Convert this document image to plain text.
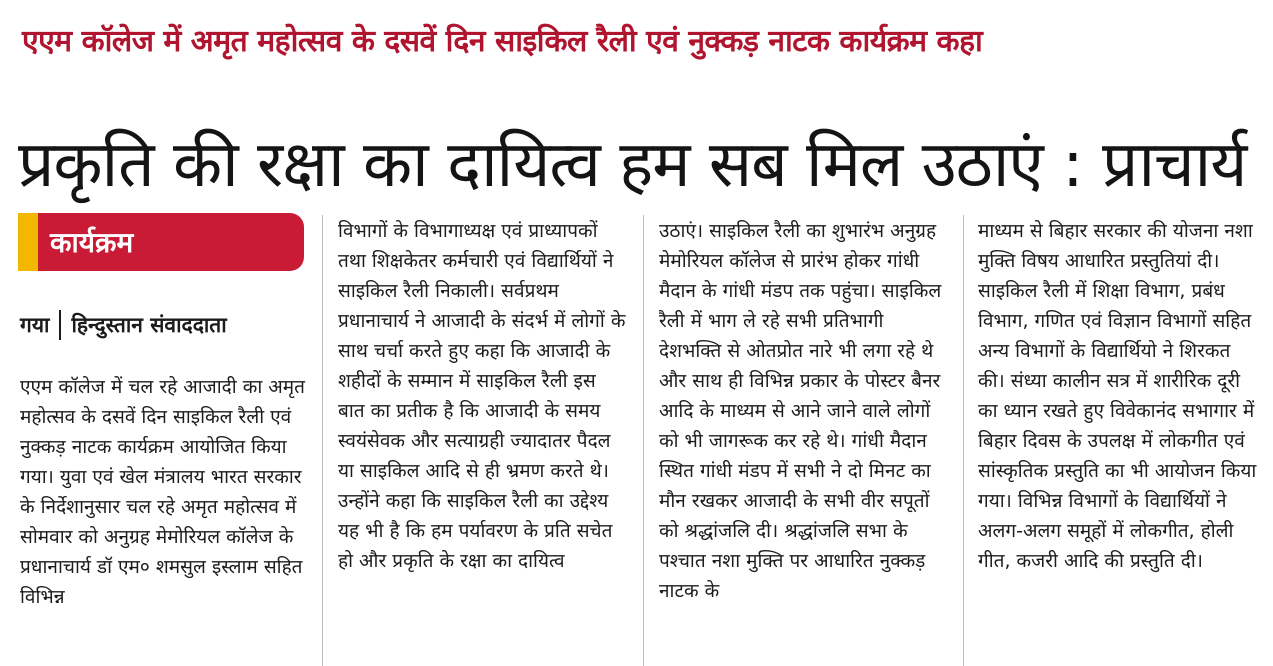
एएम कॉलेज में अमृत महोत्सव के दसवें दिन साइकिल रैली एवं नुक्कड़ नाटक कार्यक्रम कहा
प्रकृति की रक्षा का दायित्व हम सब मिल उठाएं : प्राचार्य
कार्यक्रम
गया हिन्दुस्तान संवाददाता
एएम कॉलेज में चल रहे आजादी का अमृत महोत्सव के दसवें दिन साइकिल रैली एवं नुक्कड़ नाटक कार्यक्रम आयोजित किया गया। युवा एवं खेल मंत्रालय भारत सरकार के निर्देशानुसार चल रहे अमृत महोत्सव में सोमवार को अनुग्रह मेमोरियल कॉलेज के प्रधानाचार्य डॉ एम० शमसुल इस्लाम सहित विभिन्न
विभागों के विभागाध्यक्ष एवं प्राध्यापकों तथा शिक्षकेतर कर्मचारी एवं विद्यार्थियों ने साइकिल रैली निकाली। सर्वप्रथम प्रधानाचार्य ने आजादी के संदर्भ में लोगों के साथ चर्चा करते हुए कहा कि आजादी के शहीदों के सम्मान में साइकिल रैली इस बात का प्रतीक है कि आजादी के समय स्वयंसेवक और सत्याग्रही ज्यादातर पैदल या साइकिल आदि से ही भ्रमण करते थे। उन्होंने कहा कि साइकिल रैली का उद्देश्य यह भी है कि हम पर्यावरण के प्रति सचेत हो और प्रकृति के रक्षा का दायित्व
उठाएं। साइकिल रैली का शुभारंभ अनुग्रह मेमोरियल कॉलेज से प्रारंभ होकर गांधी मैदान के गांधी मंडप तक पहुंचा। साइकिल रैली में भाग ले रहे सभी प्रतिभागी देशभक्ति से ओतप्रोत नारे भी लगा रहे थे और साथ ही विभिन्न प्रकार के पोस्टर बैनर आदि के माध्यम से आने जाने वाले लोगों को भी जागरूक कर रहे थे। गांधी मैदान स्थित गांधी मंडप में सभी ने दो मिनट का मौन रखकर आजादी के सभी वीर सपूतों को श्रद्धांजलि दी। श्रद्धांजलि सभा के पश्चात नशा मुक्ति पर आधारित नुक्कड़ नाटक के
माध्यम से बिहार सरकार की योजना नशा मुक्ति विषय आधारित प्रस्तुतियां दी। साइकिल रैली में शिक्षा विभाग, प्रबंध विभाग, गणित एवं विज्ञान विभागों सहित अन्य विभागों के विद्यार्थियो ने शिरकत की। संध्या कालीन सत्र में शारीरिक दूरी का ध्यान रखते हुए विवेकानंद सभागार में बिहार दिवस के उपलक्ष में लोकगीत एवं सांस्कृतिक प्रस्तुति का भी आयोजन किया गया। विभिन्न विभागों के विद्यार्थियों ने अलग-अलग समूहों में लोकगीत, होली गीत, कजरी आदि की प्रस्तुति दी।
